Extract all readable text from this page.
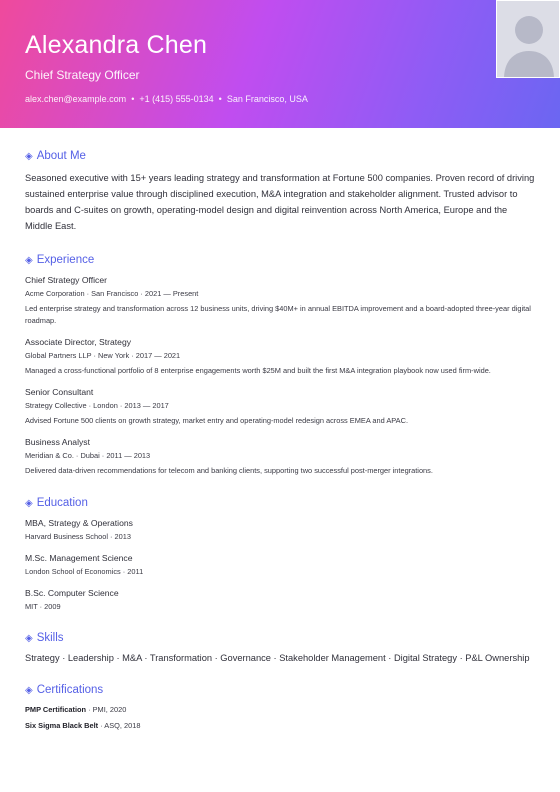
Alexandra Chen
Chief Strategy Officer
alex.chen@example.com • +1 (415) 555-0134 • San Francisco, USA
◈ About Me

Seasoned executive with 15+ years leading strategy and transformation at Fortune 500 companies. Proven record of driving sustained enterprise value through disciplined execution, M&A integration and stakeholder alignment. Trusted advisor to boards and C-suites on growth, operating-model design and digital reinvention across North America, Europe and the Middle East.

◈ Experience
Chief Strategy Officer
Acme Corporation · San Francisco · 2021 — Present
Led enterprise strategy and transformation across 12 business units, driving $40M+ in annual EBITDA improvement and a board-adopted three-year digital roadmap.
Associate Director, Strategy
Global Partners LLP · New York · 2017 — 2021
Managed a cross-functional portfolio of 8 enterprise engagements worth $25M and built the first M&A integration playbook now used firm-wide.
Senior Consultant
Strategy Collective · London · 2013 — 2017
Advised Fortune 500 clients on growth strategy, market entry and operating-model redesign across EMEA and APAC.
Business Analyst
Meridian & Co. · Dubai · 2011 — 2013
Delivered data-driven recommendations for telecom and banking clients, supporting two successful post-merger integrations.
◈ Education
MBA, Strategy & Operations
Harvard Business School · 2013
M.Sc. Management Science
London School of Economics · 2011
B.Sc. Computer Science
MIT · 2009
◈ Skills
Strategy · Leadership · M&A · Transformation · Governance · Stakeholder Management · Digital Strategy · P&L Ownership
◈ Certifications
PMP Certification · PMI, 2020
Six Sigma Black Belt · ASQ, 2018
